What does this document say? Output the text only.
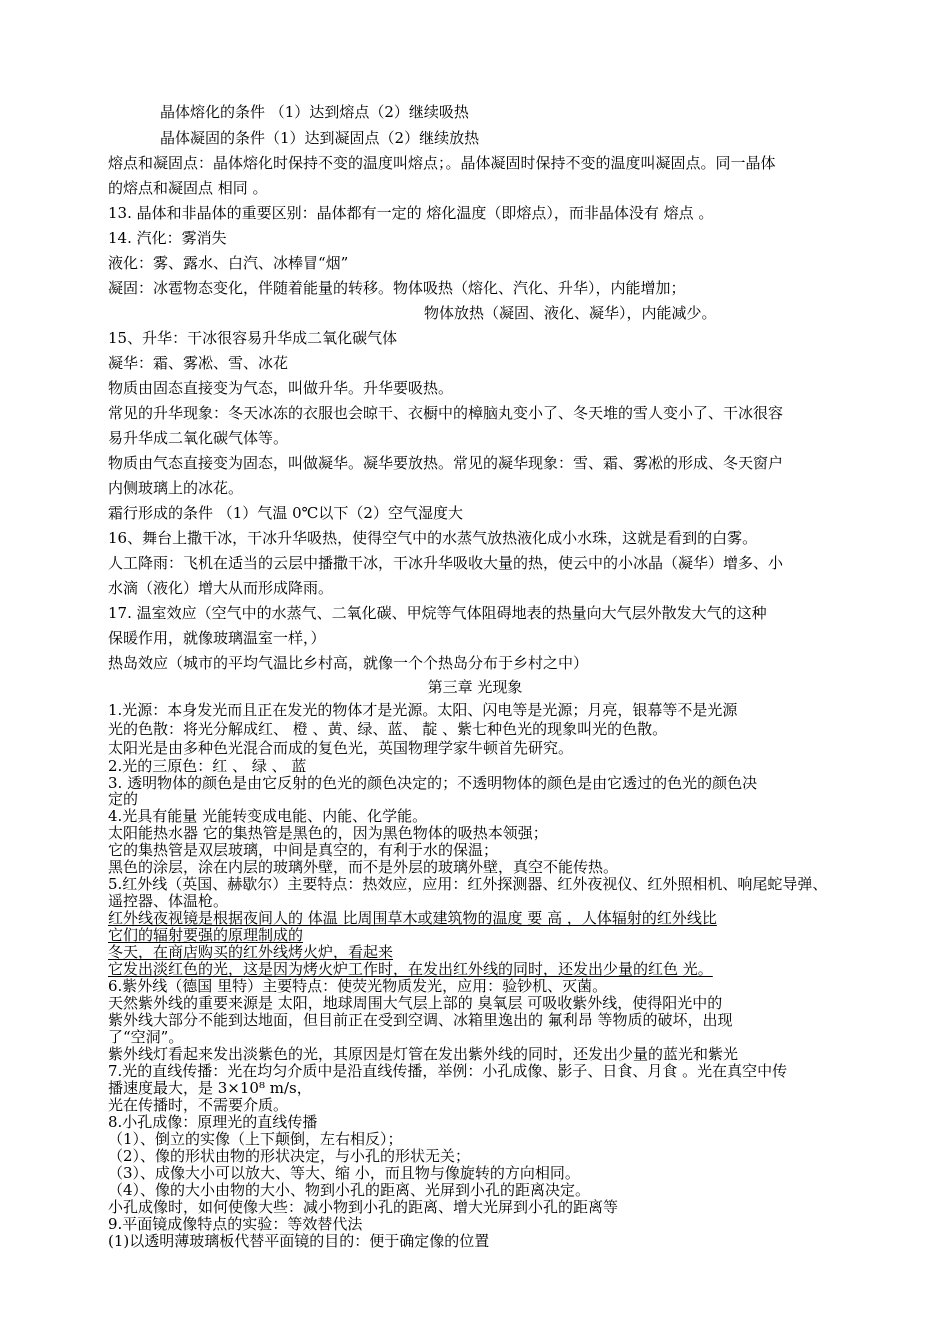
晶体熔化的条件 （1）达到熔点（2）继续吸热
晶体凝固的条件（1）达到凝固点（2）继续放热
熔点和凝固点：晶体熔化时保持不变的温度叫熔点；。晶体凝固时保持不变的温度叫凝固点。同一晶体
的熔点和凝固点 相同 。
13. 晶体和非晶体的重要区别：晶体都有一定的 熔化温度（即熔点），而非晶体没有 熔点 。
14. 汽化：雾消失
液化：雾、露水、白汽、冰棒冒“烟”
凝固：冰雹物态变化，伴随着能量的转移。物体吸热（熔化、汽化、升华），内能增加；
物体放热（凝固、液化、凝华），内能减少。
15、升华：干冰很容易升华成二氧化碳气体
凝华：霜、雾凇、雪、冰花
物质由固态直接变为气态，叫做升华。升华要吸热。
常见的升华现象：冬天冰冻的衣服也会晾干、衣橱中的樟脑丸变小了、冬天堆的雪人变小了、干冰很容
易升华成二氧化碳气体等。
物质由气态直接变为固态，叫做凝华。凝华要放热。常见的凝华现象：雪、霜、雾凇的形成、冬天窗户
内侧玻璃上的冰花。
霜行形成的条件 （1）气温 0℃以下（2）空气湿度大
16、舞台上撒干冰，干冰升华吸热，使得空气中的水蒸气放热液化成小水珠，这就是看到的白雾。
人工降雨：飞机在适当的云层中播撒干冰，干冰升华吸收大量的热，使云中的小冰晶（凝华）增多、小
水滴（液化）增大从而形成降雨。
17. 温室效应（空气中的水蒸气、二氧化碳、甲烷等气体阻碍地表的热量向大气层外散发大气的这种
保暖作用，就像玻璃温室一样，）
热岛效应（城市的平均气温比乡村高，就像一个个热岛分布于乡村之中）
第三章 光现象
1.光源：本身发光而且正在发光的物体才是光源。太阳、闪电等是光源；月亮，银幕等不是光源
光的色散：将光分解成红、 橙 、黄、绿、蓝、 靛 、紫七种色光的现象叫光的色散。
太阳光是由多种色光混合而成的复色光，英国物理学家牛顿首先研究。
2.光的三原色：红 、 绿 、 蓝
3. 透明物体的颜色是由它反射的色光的颜色决定的；不透明物体的颜色是由它透过的色光的颜色决
定的
4.光具有能量 光能转变成电能、内能、化学能。
太阳能热水器 它的集热管是黑色的，因为黑色物体的吸热本领强；
它的集热管是双层玻璃，中间是真空的，有利于水的保温；
黑色的涂层，涂在内层的玻璃外壁，而不是外层的玻璃外壁，真空不能传热。
5.红外线（英国、赫歇尔）主要特点：热效应，应用：红外探测器、红外夜视仪、红外照相机、响尾蛇导弹、
遥控器、体温枪。
红外线夜视镜是根据夜间人的 体温 比周围草木或建筑物的温度 要 高 ，人体辐射的红外线比
它们的辐射要强的原理制成的
冬天，在商店购买的红外线烤火炉，看起来
它发出淡红色的光，这是因为烤火炉工作时，在发出红外线的同时，还发出少量的红色 光。
6.紫外线（德国 里特）主要特点：使荧光物质发光，应用：验钞机、灭菌。
天然紫外线的重要来源是 太阳，地球周围大气层上部的 臭氧层 可吸收紫外线，使得阳光中的
紫外线大部分不能到达地面，但目前正在受到空调、冰箱里逸出的 氟利昂 等物质的破坏，出现
了“空洞”。
紫外线灯看起来发出淡紫色的光，其原因是灯管在发出紫外线的同时，还发出少量的蓝光和紫光
7.光的直线传播：光在均匀介质中是沿直线传播，举例：小孔成像、影子、日食、月食 。光在真空中传
播速度最大，是 3×10⁸ m/s，
光在传播时，不需要介质。
8.小孔成像：原理光的直线传播
（1）、倒立的实像（上下颠倒，左右相反）；
（2）、像的形状由物的形状决定，与小孔的形状无关；
（3）、成像大小可以放大、等大、缩 小，而且物与像旋转的方向相同。
（4）、像的大小由物的大小、物到小孔的距离、光屏到小孔的距离决定。
小孔成像时，如何使像大些：减小物到小孔的距离、增大光屏到小孔的距离等
9.平面镜成像特点的实验：等效替代法
(1)以透明薄玻璃板代替平面镜的目的：便于确定像的位置
